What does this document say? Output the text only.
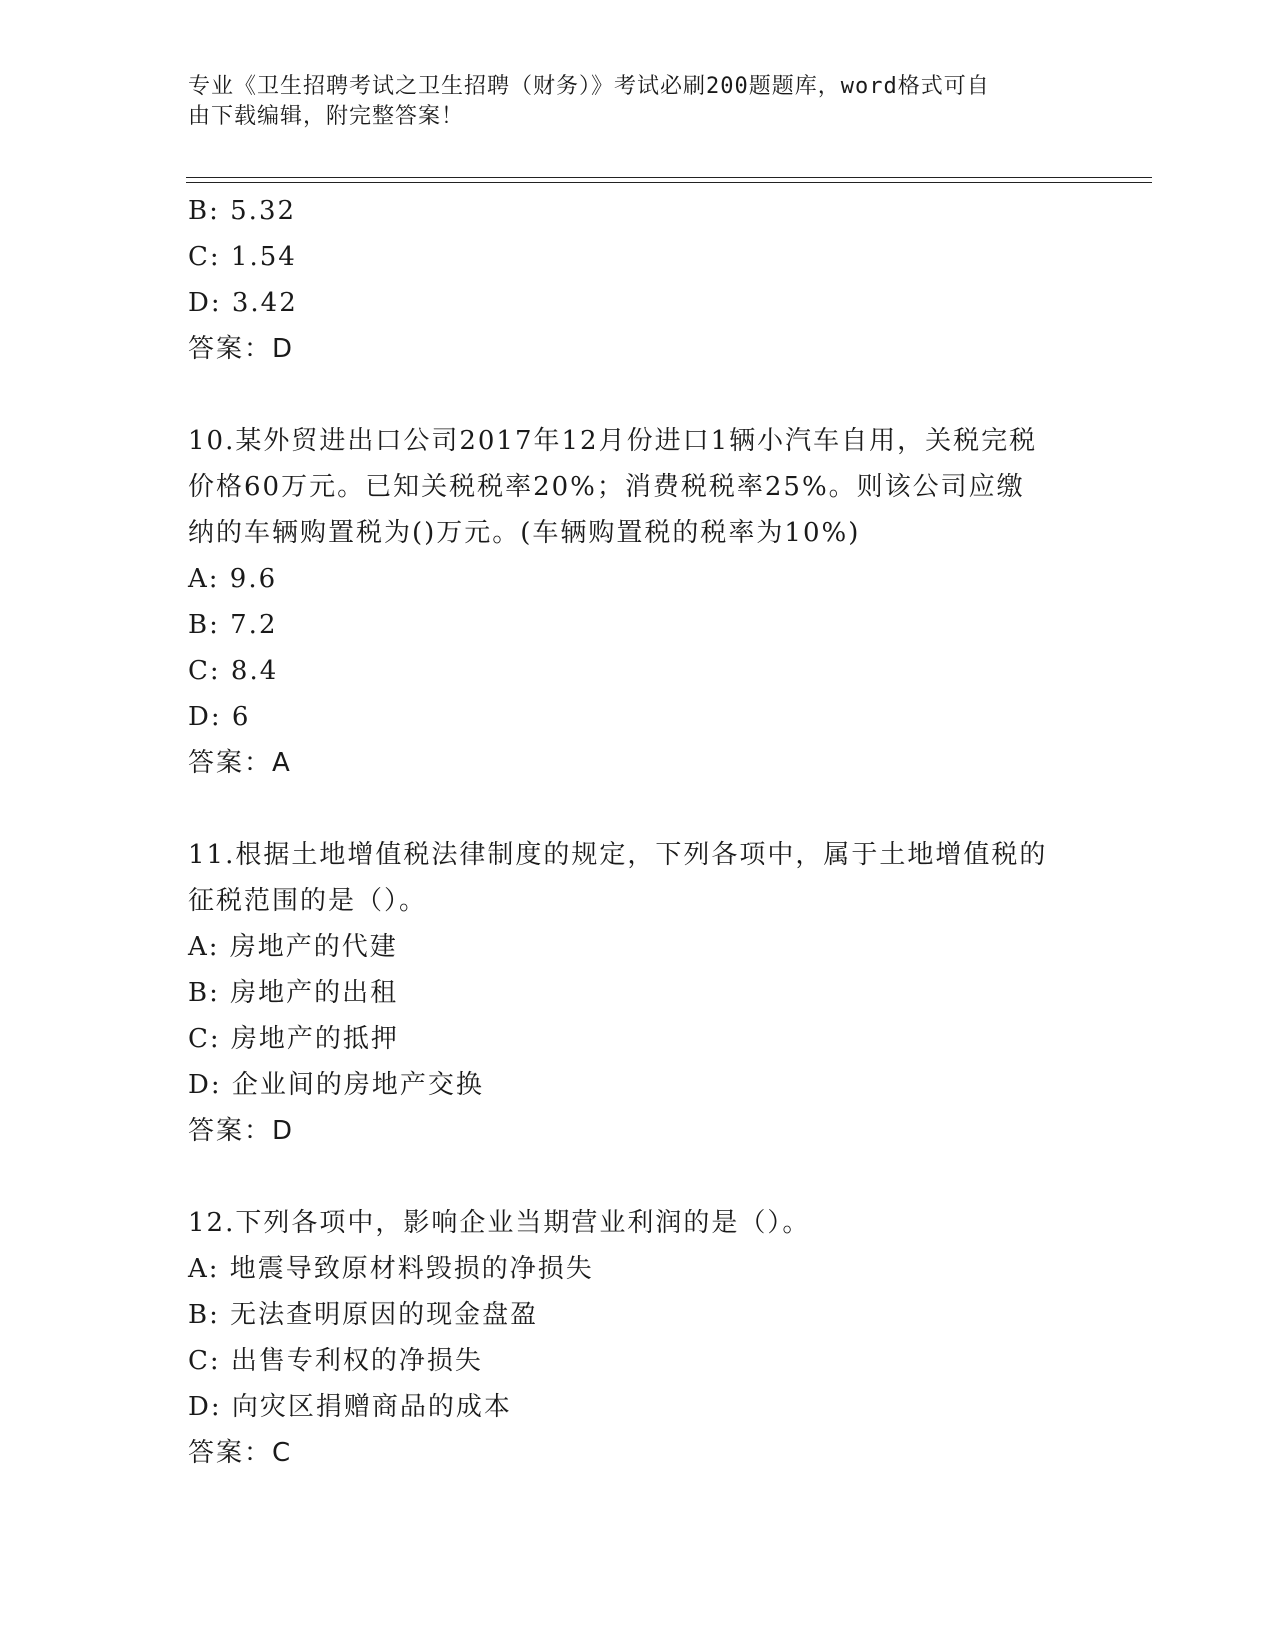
专业《卫生招聘考试之卫生招聘（财务）》考试必刷200题题库，word格式可自
由下载编辑，附完整答案！
B: 5.32
C: 1.54
D: 3.42
答案：D
10.某外贸进出口公司2017年12月份进口1辆小汽车自用，关税完税
价格60万元。已知关税税率20%；消费税税率25%。则该公司应缴
纳的车辆购置税为()万元。(车辆购置税的税率为10%)
A: 9.6
B: 7.2
C: 8.4
D: 6
答案：A
11.根据土地增值税法律制度的规定，下列各项中，属于土地增值税的
征税范围的是（）。
A: 房地产的代建
B: 房地产的出租
C: 房地产的抵押
D: 企业间的房地产交换
答案：D
12.下列各项中，影响企业当期营业利润的是（）。
A: 地震导致原材料毁损的净损失
B: 无法查明原因的现金盘盈
C: 出售专利权的净损失
D: 向灾区捐赠商品的成本
答案：C
